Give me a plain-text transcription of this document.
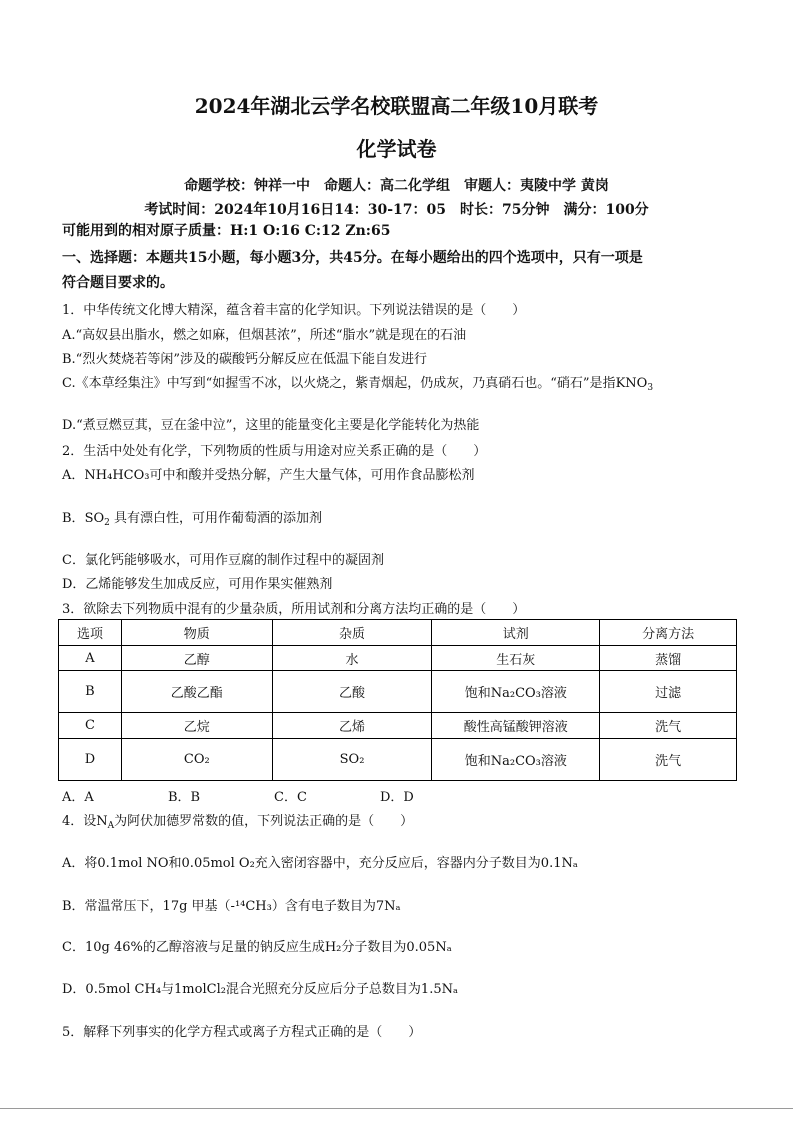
2024年湖北云学名校联盟高二年级10月联考
化学试卷
命题学校：钟祥一中　命题人：高二化学组　审题人：夷陵中学 黄岗
考试时间：2024年10月16日14：30-17：05　时长：75分钟　满分：100分
可能用到的相对原子质量：H:1 O:16 C:12 Zn:65
一、选择题：本题共15小题，每小题3分，共45分。在每小题给出的四个选项中，只有一项是
符合题目要求的。
1．中华传统文化博大精深，蕴含着丰富的化学知识。下列说法错误的是（　　）
A.“高奴县出脂水，燃之如麻，但烟甚浓”，所述“脂水”就是现在的石油
B.“烈火焚烧若等闲”涉及的碳酸钙分解反应在低温下能自发进行
C.《本草经集注》中写到“如握雪不冰，以火烧之，紫青烟起，仍成灰，乃真硝石也。“硝石”是指$KNO_3$
D.“煮豆燃豆萁，豆在釜中泣”，这里的能量变化主要是化学能转化为热能
2．生活中处处有化学，下列物质的性质与用途对应关系正确的是（　　）
A．NH₄HCO₃可中和酸并受热分解，产生大量气体，可用作食品膨松剂
B．$SO_2$ 具有漂白性，可用作葡萄酒的添加剂
C．氯化钙能够吸水，可用作豆腐的制作过程中的凝固剂
D．乙烯能够发生加成反应，可用作果实催熟剂
3．欲除去下列物质中混有的少量杂质，所用试剂和分离方法均正确的是（　　）
选项	物质	杂质	试剂	分离方法
A	乙醇	水	生石灰	蒸馏
B	乙酸乙酯	乙酸	饱和Na₂CO₃溶液	过滤
C	乙烷	乙烯	酸性高锰酸钾溶液	洗气
D	CO₂	SO₂	饱和Na₂CO₃溶液	洗气
A．A	B．B	C．C	D．D
4．设$N_A$为阿伏加德罗常数的值，下列说法正确的是（　　）
A．将0.1mol NO和0.05mol O₂充入密闭容器中，充分反应后，容器内分子数目为0.1Nₐ
B．常温常压下，17g 甲基（-¹⁴CH₃）含有电子数目为7Nₐ
C．10g 46%的乙醇溶液与足量的钠反应生成H₂分子数目为0.05Nₐ
D．0.5mol CH₄与1molCl₂混合光照充分反应后分子总数目为1.5Nₐ
5．解释下列事实的化学方程式或离子方程式正确的是（　　）
